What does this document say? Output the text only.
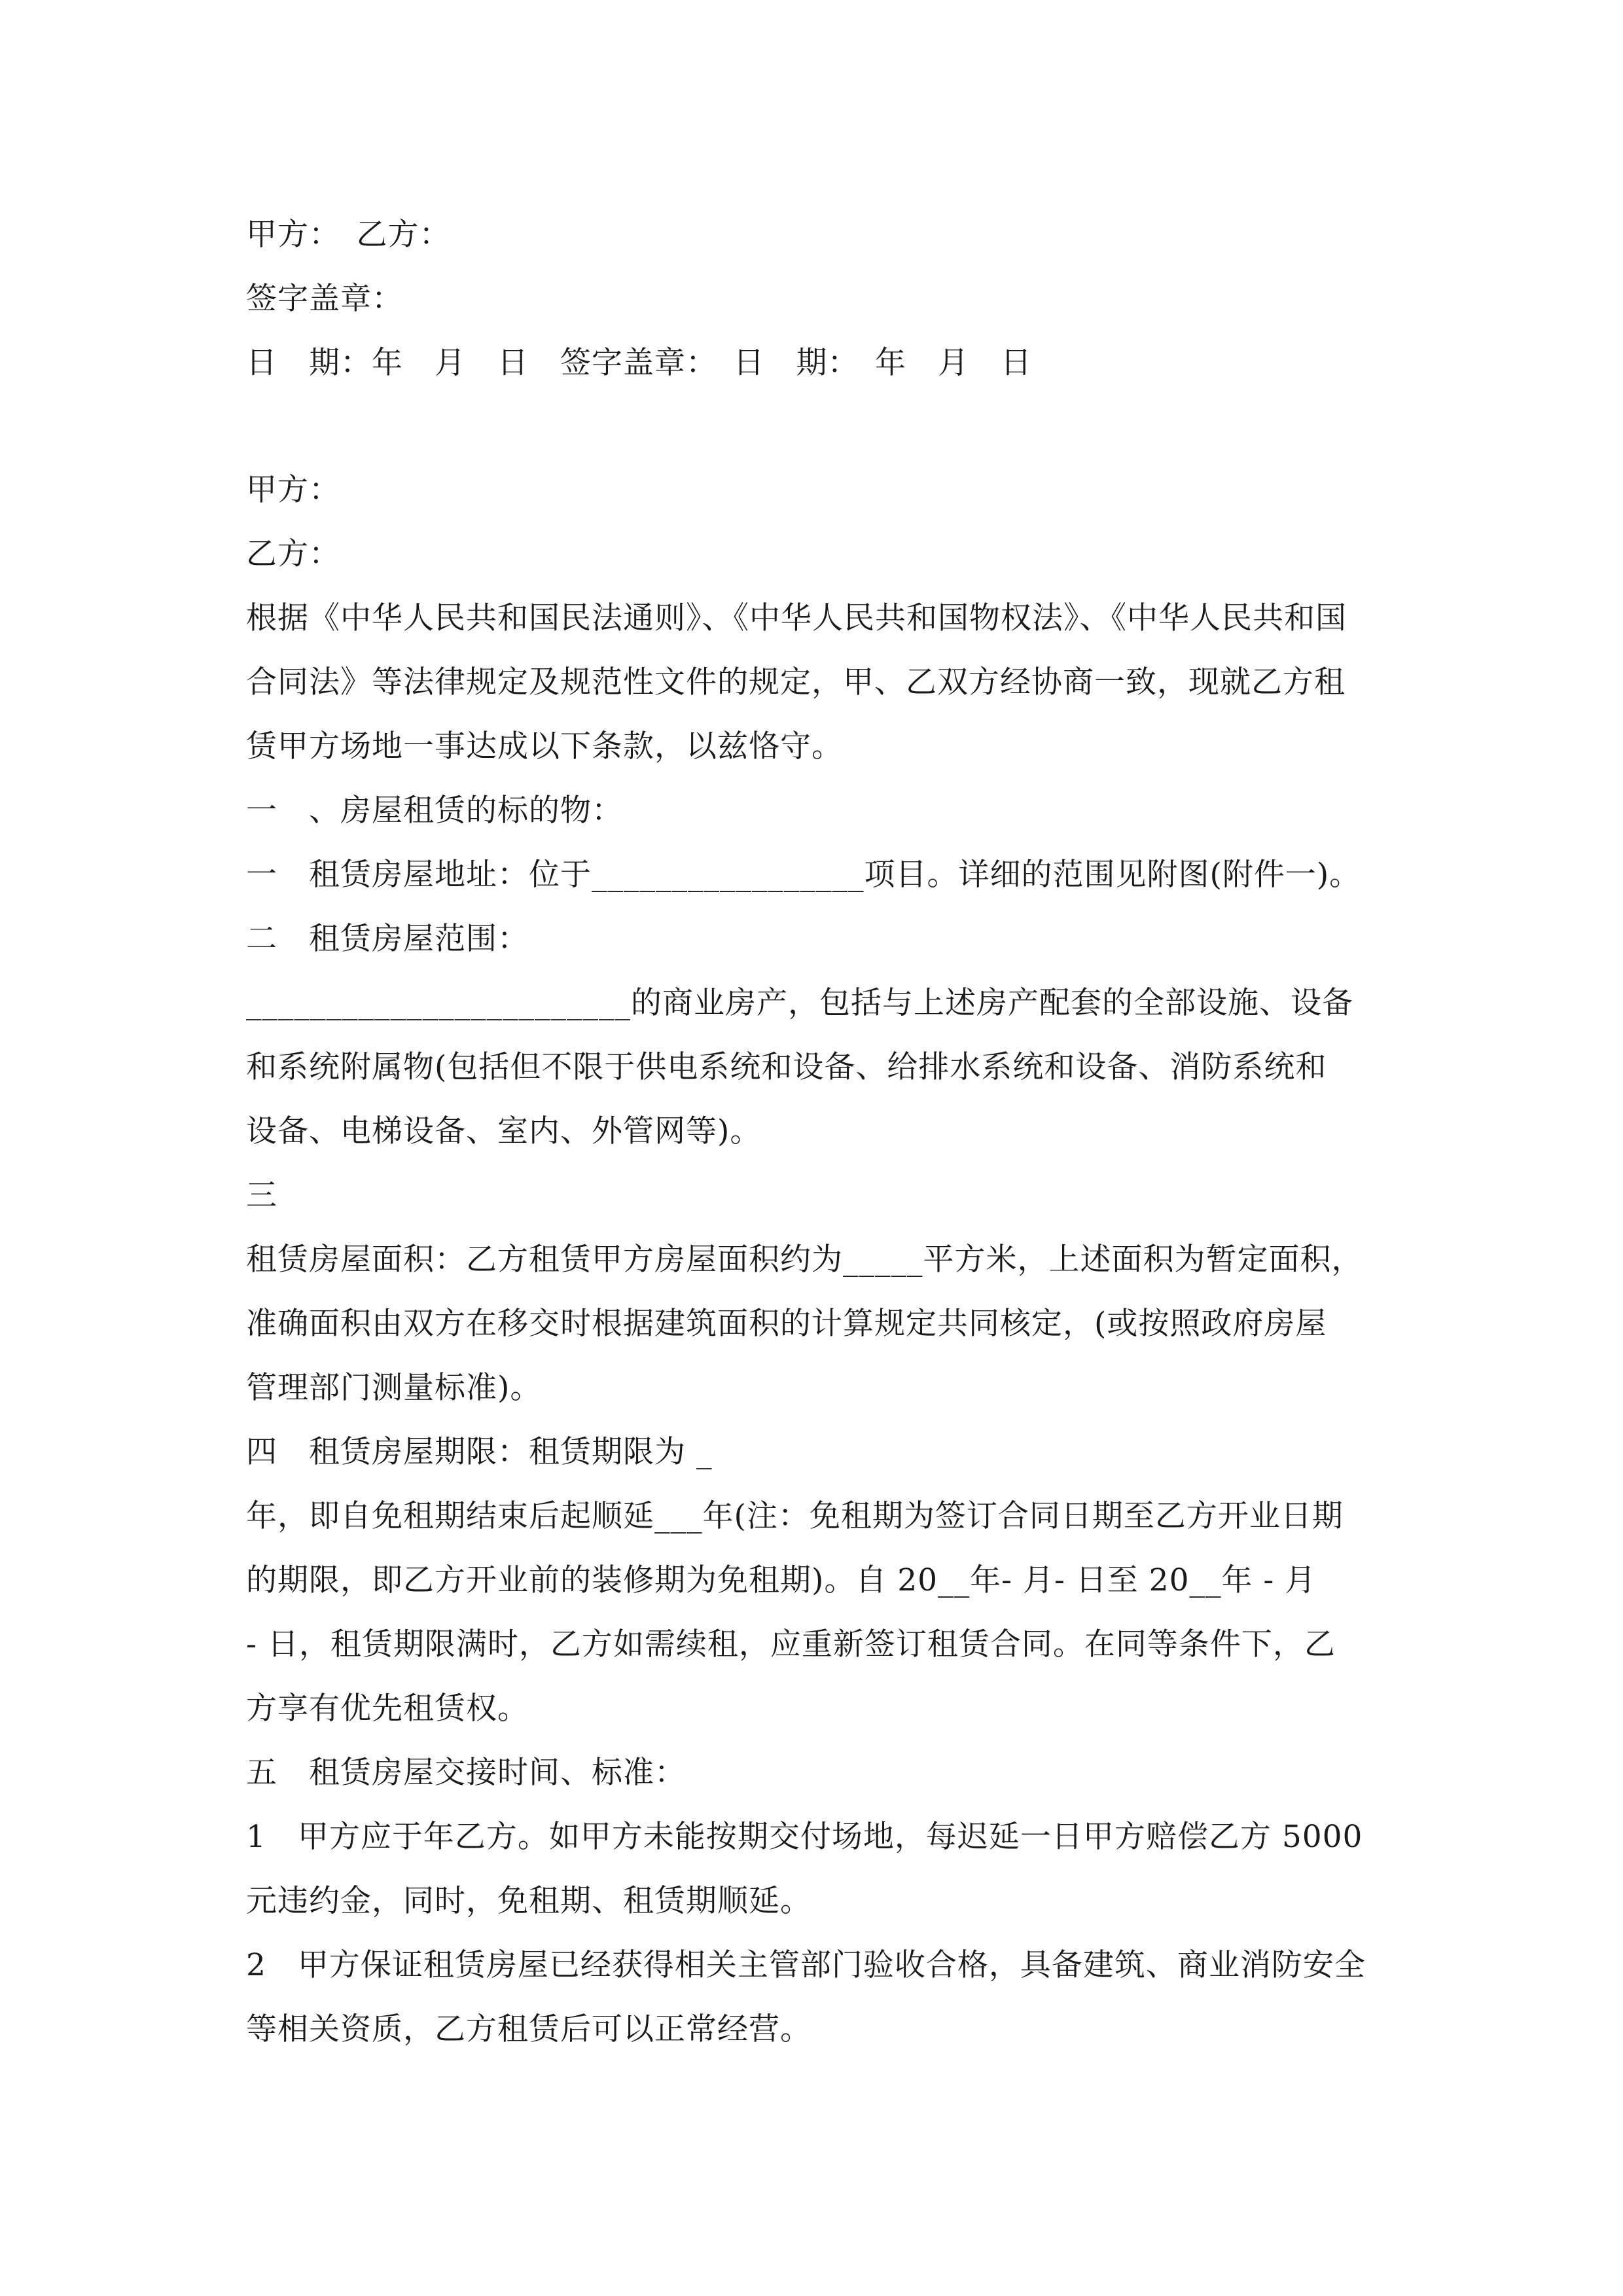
甲方：　乙方：
签字盖章：
日　期：年　月　日　签字盖章：　日　期：　年　月　日
甲方：
乙方：
根据《中华人民共和国民法通则》、《中华人民共和国物权法》、《中华人民共和国
合同法》等法律规定及规范性文件的规定，甲、乙双方经协商一致，现就乙方租
赁甲方场地一事达成以下条款，以兹恪守。
一　、房屋租赁的标的物：
一　租赁房屋地址：位于_________________项目。详细的范围见附图(附件一)。
二　租赁房屋范围：
________________________的商业房产，包括与上述房产配套的全部设施、设备
和系统附属物(包括但不限于供电系统和设备、给排水系统和设备、消防系统和
设备、电梯设备、室内、外管网等)。
三
租赁房屋面积：乙方租赁甲方房屋面积约为_____平方米，上述面积为暂定面积，
准确面积由双方在移交时根据建筑面积的计算规定共同核定，(或按照政府房屋
管理部门测量标准)。
四　租赁房屋期限：租赁期限为 _
年，即自免租期结束后起顺延___年(注：免租期为签订合同日期至乙方开业日期
的期限，即乙方开业前的装修期为免租期)。自 20__年- 月- 日至 20__年 - 月
- 日，租赁期限满时，乙方如需续租，应重新签订租赁合同。在同等条件下，乙
方享有优先租赁权。
五　租赁房屋交接时间、标准：
1　甲方应于年乙方。如甲方未能按期交付场地，每迟延一日甲方赔偿乙方 5000
元违约金，同时，免租期、租赁期顺延。
2　甲方保证租赁房屋已经获得相关主管部门验收合格，具备建筑、商业消防安全
等相关资质，乙方租赁后可以正常经营。
